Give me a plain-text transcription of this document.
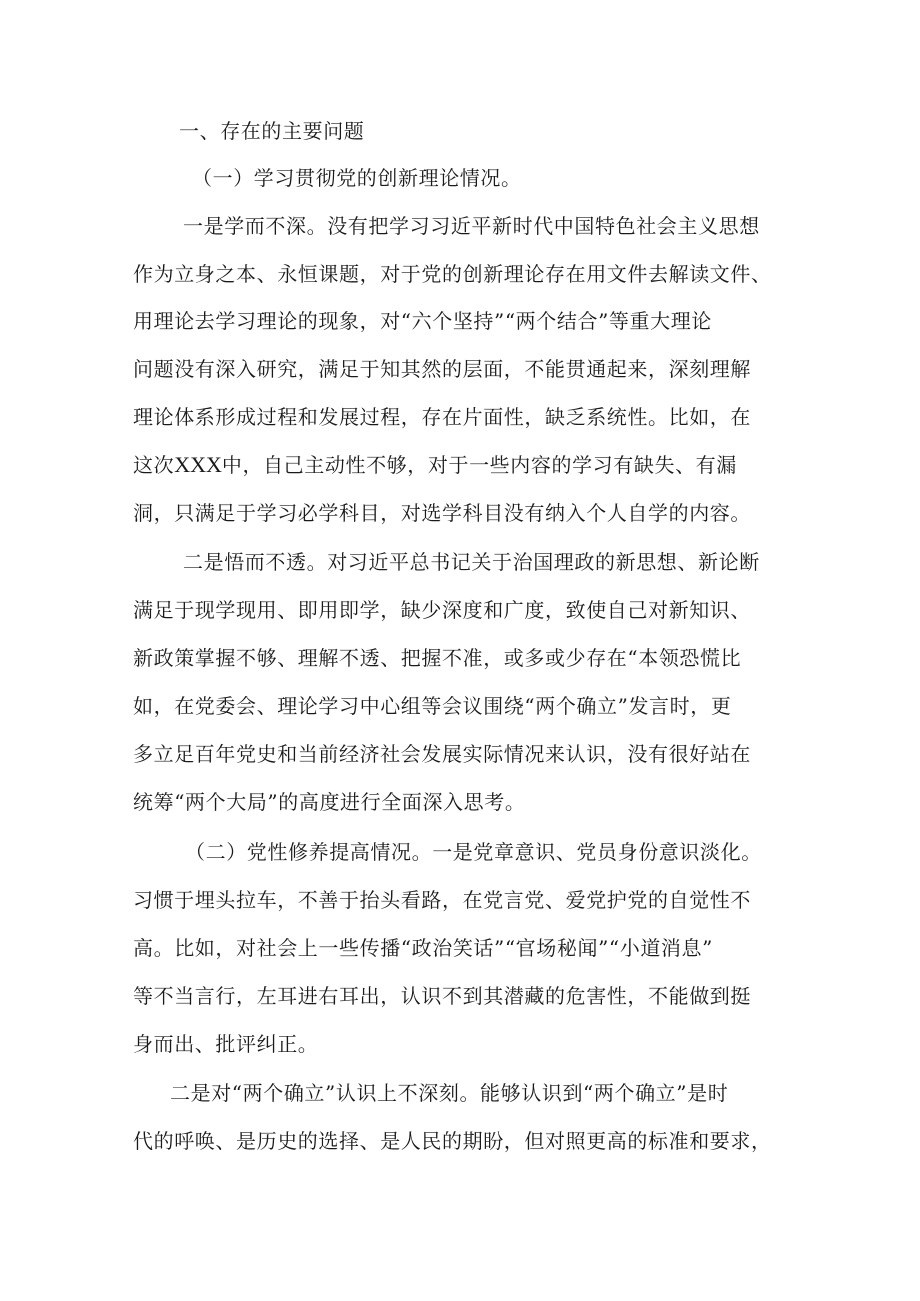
一、存在的主要问题
（一）学习贯彻党的创新理论情况。
一是学而不深。没有把学习习近平新时代中国特色社会主义思想
作为立身之本、永恒课题，对于党的创新理论存在用文件去解读文件、
用理论去学习理论的现象，对“六个坚持”“两个结合”等重大理论
问题没有深入研究，满足于知其然的层面，不能贯通起来，深刻理解
理论体系形成过程和发展过程，存在片面性，缺乏系统性。比如，在
这次XXX中，自己主动性不够，对于一些内容的学习有缺失、有漏
洞，只满足于学习必学科目，对选学科目没有纳入个人自学的内容。
二是悟而不透。对习近平总书记关于治国理政的新思想、新论断
满足于现学现用、即用即学，缺少深度和广度，致使自己对新知识、
新政策掌握不够、理解不透、把握不准，或多或少存在“本领恐慌比
如，在党委会、理论学习中心组等会议围绕“两个确立”发言时，更
多立足百年党史和当前经济社会发展实际情况来认识，没有很好站在
统筹“两个大局”的高度进行全面深入思考。
（二）党性修养提高情况。一是党章意识、党员身份意识淡化。
习惯于埋头拉车，不善于抬头看路，在党言党、爱党护党的自觉性不
高。比如，对社会上一些传播“政治笑话”“官场秘闻”“小道消息”
等不当言行，左耳进右耳出，认识不到其潜藏的危害性，不能做到挺
身而出、批评纠正。
二是对“两个确立”认识上不深刻。能够认识到“两个确立”是时
代的呼唤、是历史的选择、是人民的期盼，但对照更高的标准和要求，
